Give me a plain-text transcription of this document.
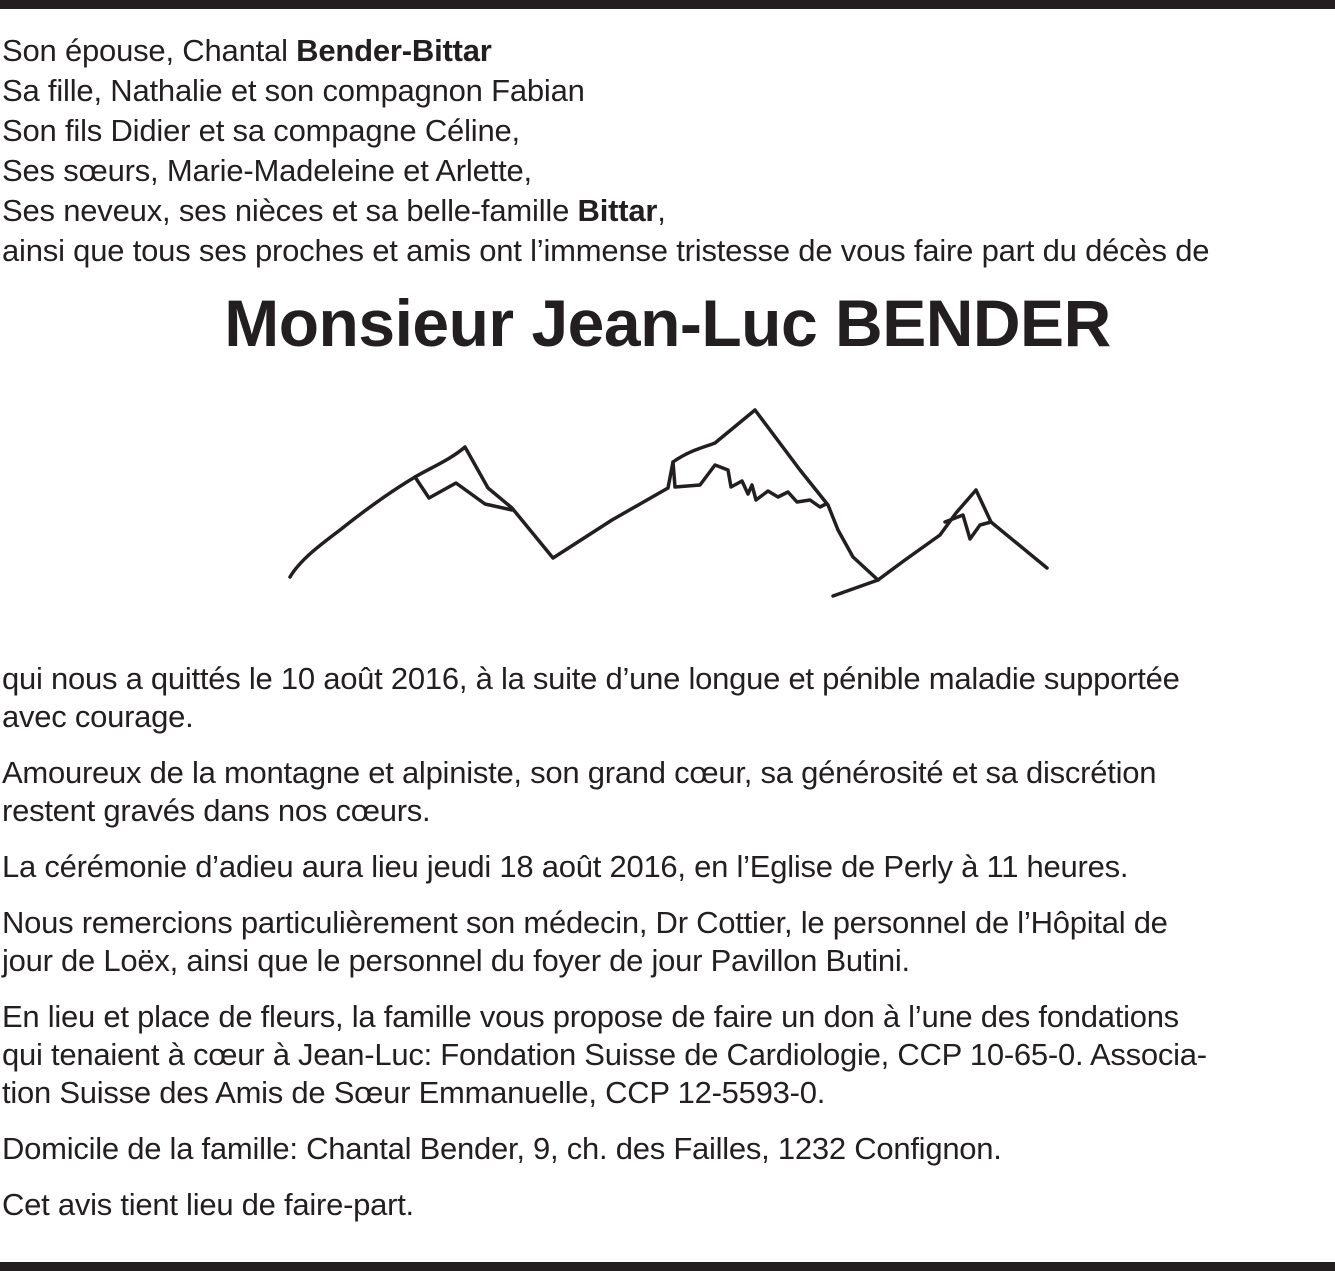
Son épouse, Chantal Bender-Bittar
Sa fille, Nathalie et son compagnon Fabian
Son fils Didier et sa compagne Céline,
Ses sœurs, Marie-Madeleine et Arlette,
Ses neveux, ses nièces et sa belle-famille Bittar,
ainsi que tous ses proches et amis ont l’immense tristesse de vous faire part du décès de
Monsieur Jean-Luc BENDER

qui nous a quittés le 10 août 2016, à la suite d’une longue et pénible maladie supportée
avec courage.

Amoureux de la montagne et alpiniste, son grand cœur, sa générosité et sa discrétion
restent gravés dans nos cœurs.

La cérémonie d’adieu aura lieu jeudi 18 août 2016, en l’Eglise de Perly à 11 heures.

Nous remercions particulièrement son médecin, Dr Cottier, le personnel de l’Hôpital de
jour de Loëx, ainsi que le personnel du foyer de jour Pavillon Butini.

En lieu et place de fleurs, la famille vous propose de faire un don à l’une des fondations
qui tenaient à cœur à Jean-Luc: Fondation Suisse de Cardiologie, CCP 10-65-0. Associa-
tion Suisse des Amis de Sœur Emmanuelle, CCP 12-5593-0.

Domicile de la famille: Chantal Bender, 9, ch. des Failles, 1232 Confignon.

Cet avis tient lieu de faire-part.
